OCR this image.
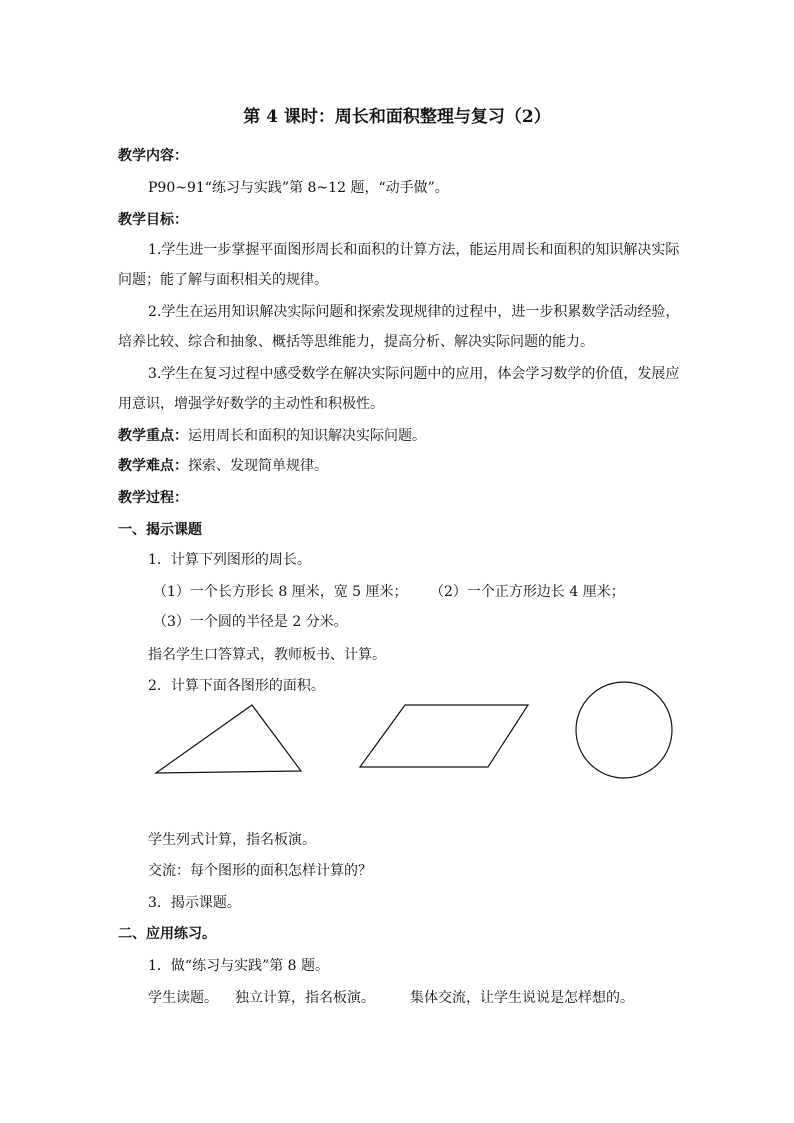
第 4 课时：周长和面积整理与复习（2）
教学内容：
P90~91“练习与实践”第 8~12 题，“动手做”。
教学目标：
1.学生进一步掌握平面图形周长和面积的计算方法，能运用周长和面积的知识解决实际
问题；能了解与面积相关的规律。
2.学生在运用知识解决实际问题和探索发现规律的过程中，进一步积累数学活动经验，
培养比较、综合和抽象、概括等思维能力，提高分析、解决实际问题的能力。
3.学生在复习过程中感受数学在解决实际问题中的应用，体会学习数学的价值，发展应
用意识，增强学好数学的主动性和积极性。
教学重点：运用周长和面积的知识解决实际问题。
教学难点：探索、发现简单规律。
教学过程：
一、揭示课题
1．计算下列图形的周长。
（1）一个长方形长 8 厘米，宽 5 厘米； （2）一个正方形边长 4 厘米；
（3）一个圆的半径是 2 分米。
指名学生口答算式，教师板书、计算。
2．计算下面各图形的面积。
学生列式计算，指名板演。
交流：每个图形的面积怎样计算的？
3．揭示课题。
二、应用练习。
1．做“练习与实践”第 8 题。
学生读题。 独立计算，指名板演。	集体交流，让学生说说是怎样想的。
